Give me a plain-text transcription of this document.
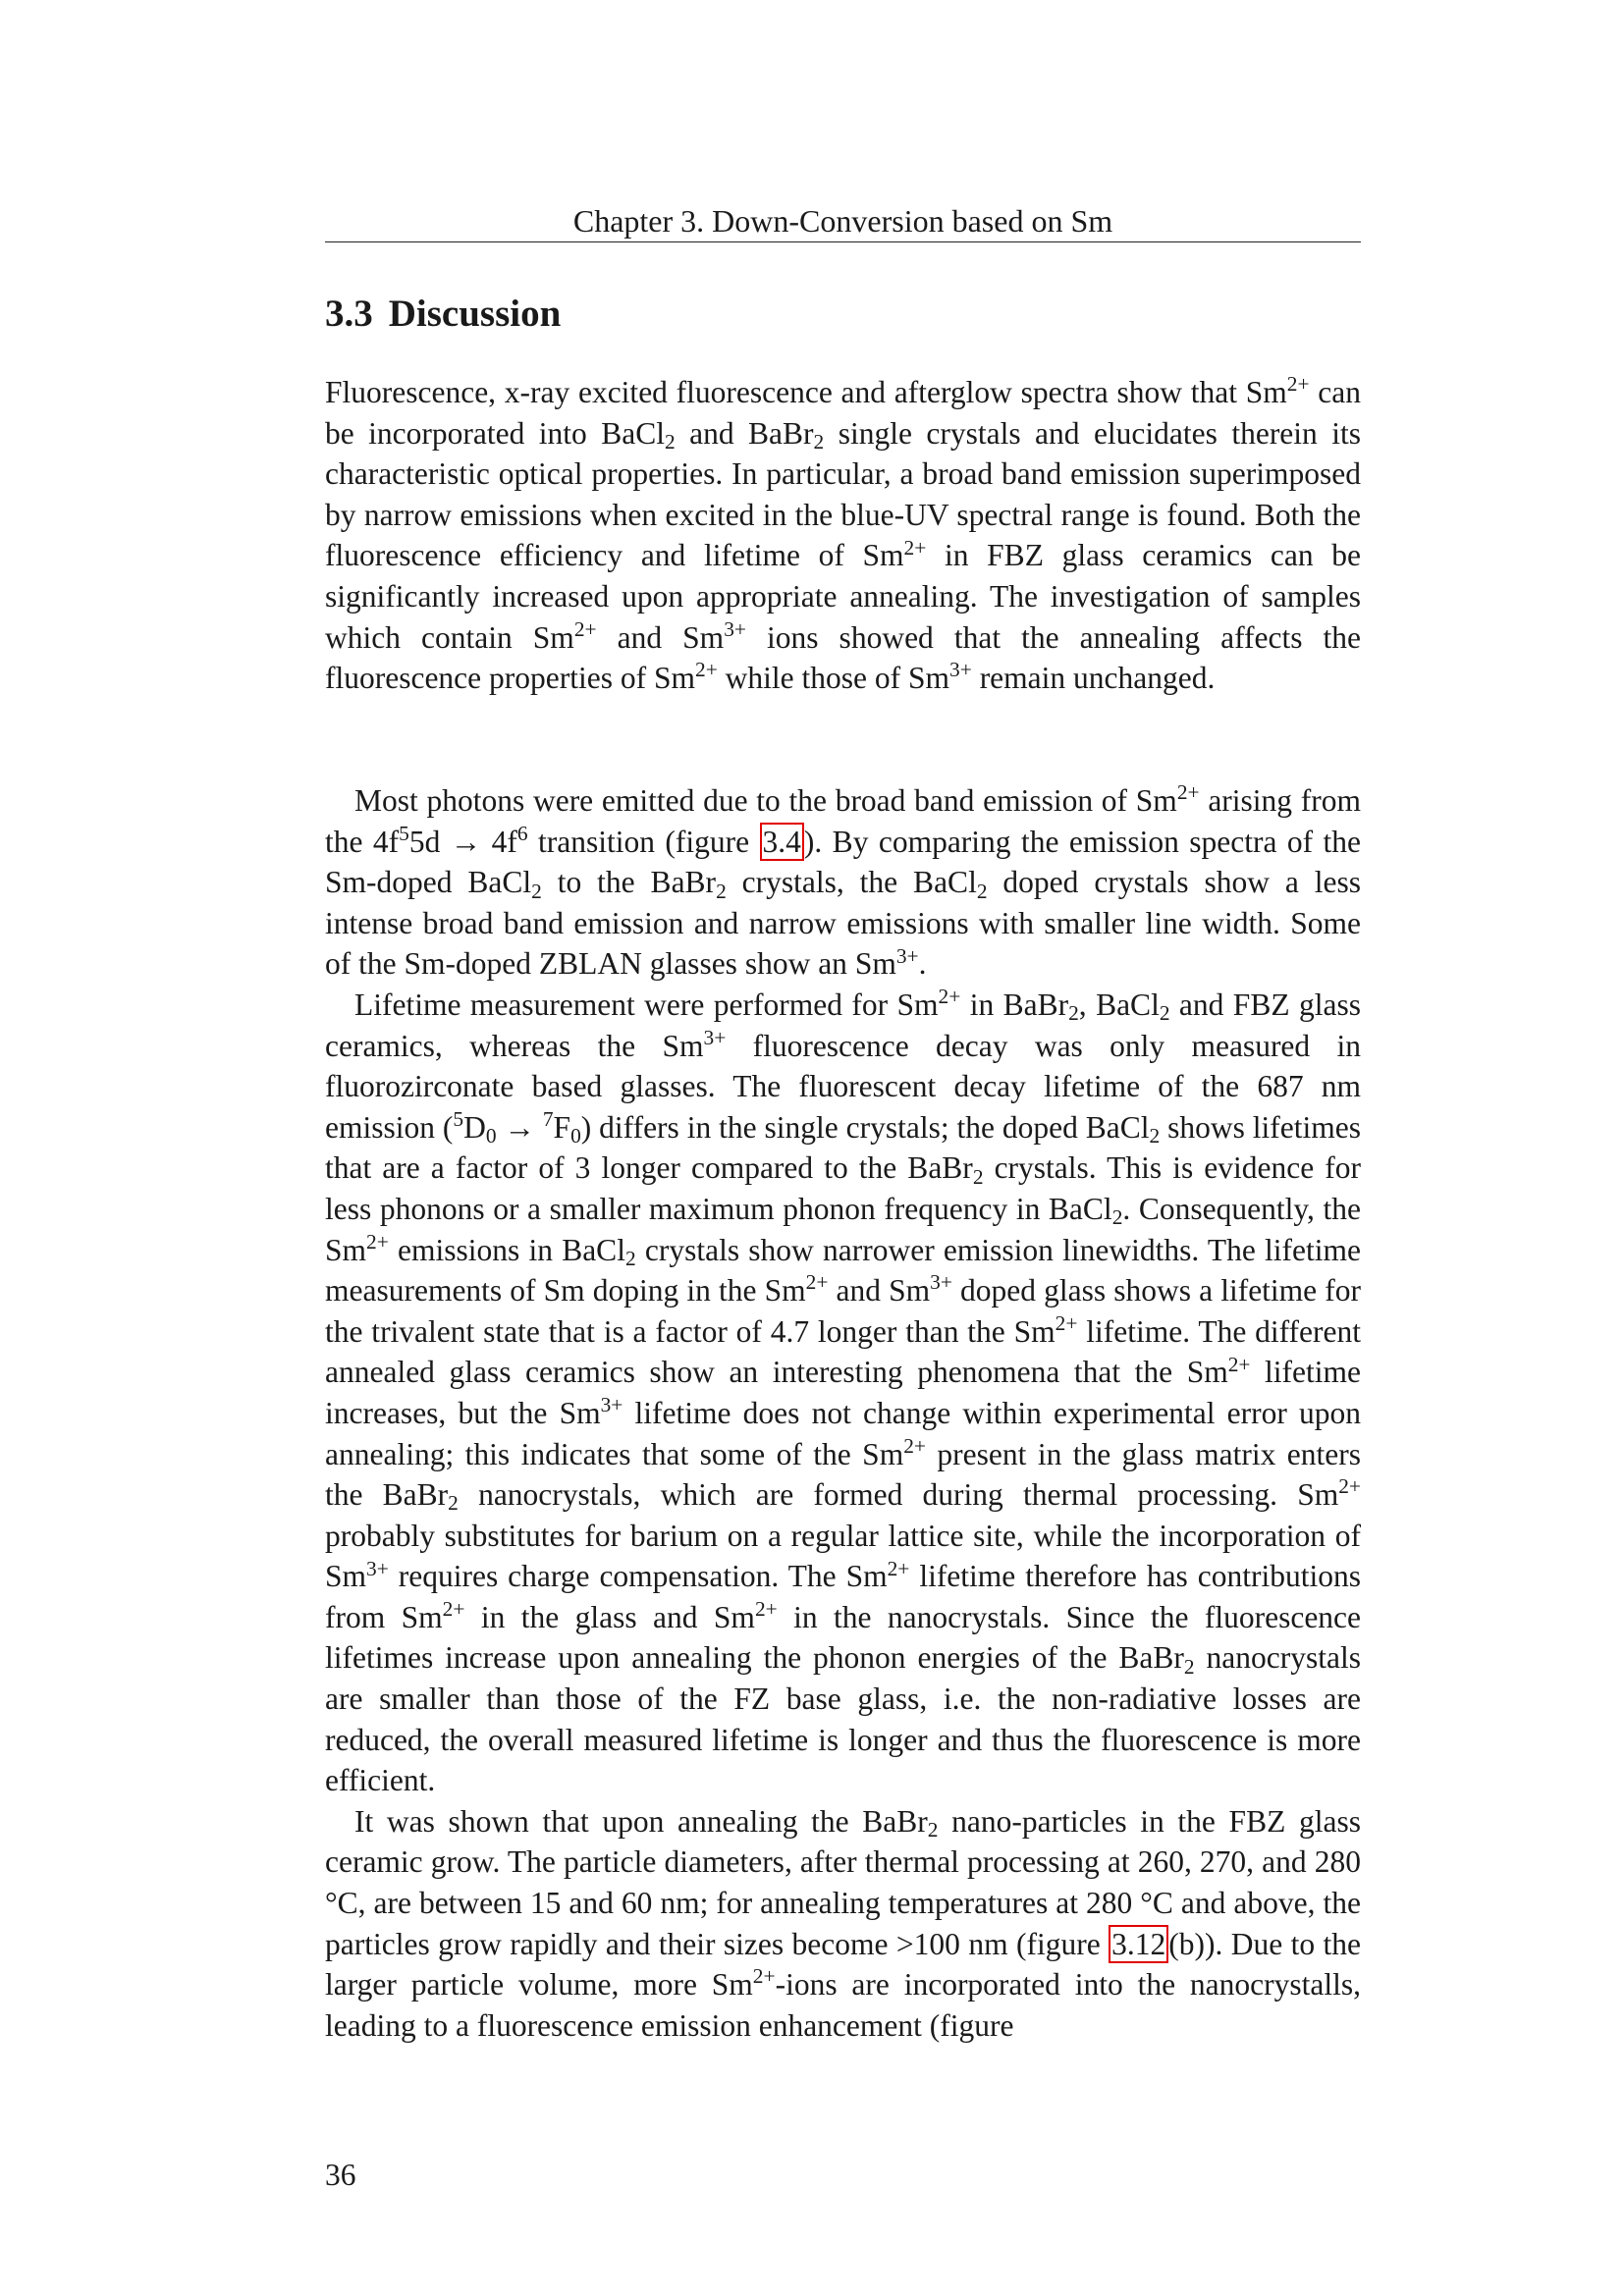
Chapter 3. Down-Conversion based on Sm
3.3 Discussion
Fluorescence, x-ray excited fluorescence and afterglow spectra show that $Sm^{2+}$ can be incorporated into BaCl$_2$ and BaBr$_2$ single crystals and elucidates therein its characteristic optical properties. In particular, a broad band emission superimposed by narrow emissions when excited in the blue-UV spectral range is found. Both the fluorescence efficiency and lifetime of $Sm^{2+}$ in FBZ glass ceramics can be significantly increased upon appropriate annealing. The investigation of samples which contain $Sm^{2+}$ and $Sm^{3+}$ ions showed that the annealing affects the fluorescence properties of $Sm^{2+}$ while those of $Sm^{3+}$ remain unchanged.

Most photons were emitted due to the broad band emission of $Sm^{2+}$ arising from the $4f^55d \to 4f^6$ transition (figure 3.4). By comparing the emission spectra of the Sm-doped BaCl$_2$ to the BaBr$_2$ crystals, the BaCl$_2$ doped crystals show a less intense broad band emission and narrow emissions with smaller line width. Some of the Sm-doped ZBLAN glasses show an $Sm^{3+}$.

Lifetime measurement were performed for $Sm^{2+}$ in BaBr$_2$, BaCl$_2$ and FBZ glass ceramics, whereas the $Sm^{3+}$ fluorescence decay was only measured in fluorozirconate based glasses. The fluorescent decay lifetime of the 687 nm emission $(^5D_0 \to ^7F_0)$ differs in the single crystals; the doped BaCl$_2$ shows lifetimes that are a factor of 3 longer compared to the BaBr$_2$ crystals. This is evidence for less phonons or a smaller maximum phonon frequency in BaCl$_2$. Consequently, the $Sm^{2+}$ emissions in BaCl$_2$ crystals show narrower emission linewidths. The lifetime measurements of Sm doping in the $Sm^{2+}$ and $Sm^{3+}$ doped glass shows a lifetime for the trivalent state that is a factor of 4.7 longer than the $Sm^{2+}$ lifetime. The different annealed glass ceramics show an interesting phenomena that the $Sm^{2+}$ lifetime increases, but the $Sm^{3+}$ lifetime does not change within experimental error upon annealing; this indicates that some of the $Sm^{2+}$ present in the glass matrix enters the BaBr$_2$ nanocrystals, which are formed during thermal processing. $Sm^{2+}$ probably substitutes for barium on a regular lattice site, while the incorporation of $Sm^{3+}$ requires charge compensation. The $Sm^{2+}$ lifetime therefore has contributions from $Sm^{2+}$ in the glass and $Sm^{2+}$ in the nanocrystals. Since the fluorescence lifetimes increase upon annealing the phonon energies of the BaBr$_2$ nanocrystals are smaller than those of the FZ base glass, i.e. the non-radiative losses are reduced, the overall measured lifetime is longer and thus the fluorescence is more efficient.

It was shown that upon annealing the BaBr$_2$ nano-particles in the FBZ glass ceramic grow. The particle diameters, after thermal processing at 260, 270, and 280 °C, are between 15 and 60 nm; for annealing temperatures at 280 °C and above, the particles grow rapidly and their sizes become >100 nm (figure 3.12(b)). Due to the larger particle volume, more $Sm^{2+}$-ions are incorporated into the nanocrystalls, leading to a fluorescence emission enhancement (figure

36
